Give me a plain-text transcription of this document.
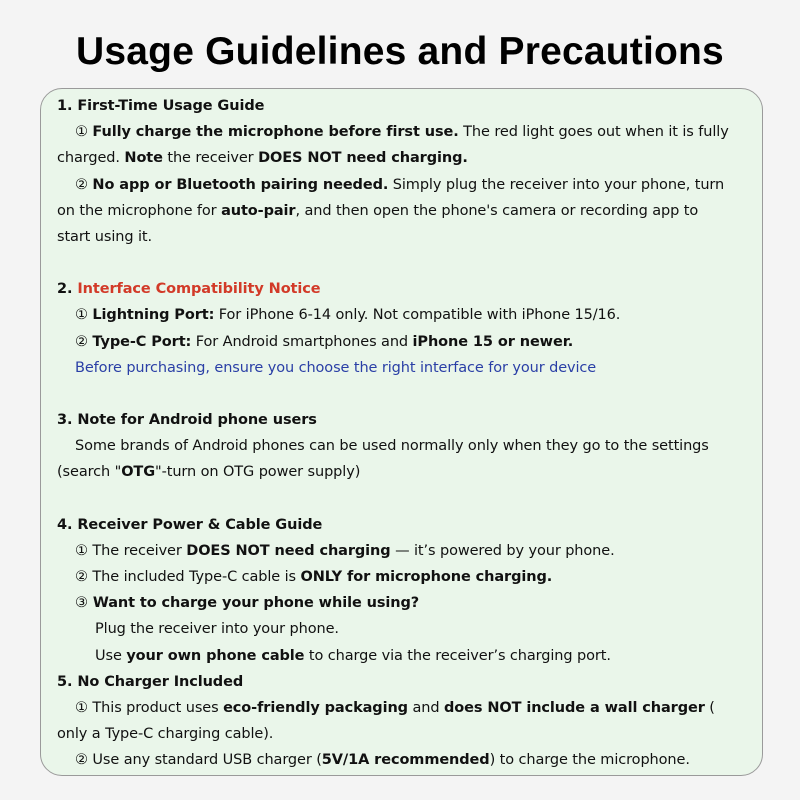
Usage Guidelines and Precautions
1. First-Time Usage Guide
① Fully charge the microphone before first use. The red light goes out when it is fully
charged. Note the receiver DOES NOT need charging.
② No app or Bluetooth pairing needed. Simply plug the receiver into your phone, turn
on the microphone for auto-pair, and then open the phone's camera or recording app to
start using it.
2. Interface Compatibility Notice
① Lightning Port: For iPhone 6-14 only. Not compatible with iPhone 15/16.
② Type-C Port: For Android smartphones and iPhone 15 or newer.
Before purchasing, ensure you choose the right interface for your device
3. Note for Android phone users
Some brands of Android phones can be used normally only when they go to the settings
(search "OTG"-turn on OTG power supply)
4. Receiver Power & Cable Guide
① The receiver DOES NOT need charging — it’s powered by your phone.
② The included Type-C cable is ONLY for microphone charging.
③ Want to charge your phone while using?
Plug the receiver into your phone.
Use your own phone cable to charge via the receiver’s charging port.
5. No Charger Included
① This product uses eco-friendly packaging and does NOT include a wall charger (
only a Type-C charging cable).
② Use any standard USB charger (5V/1A recommended) to charge the microphone.
